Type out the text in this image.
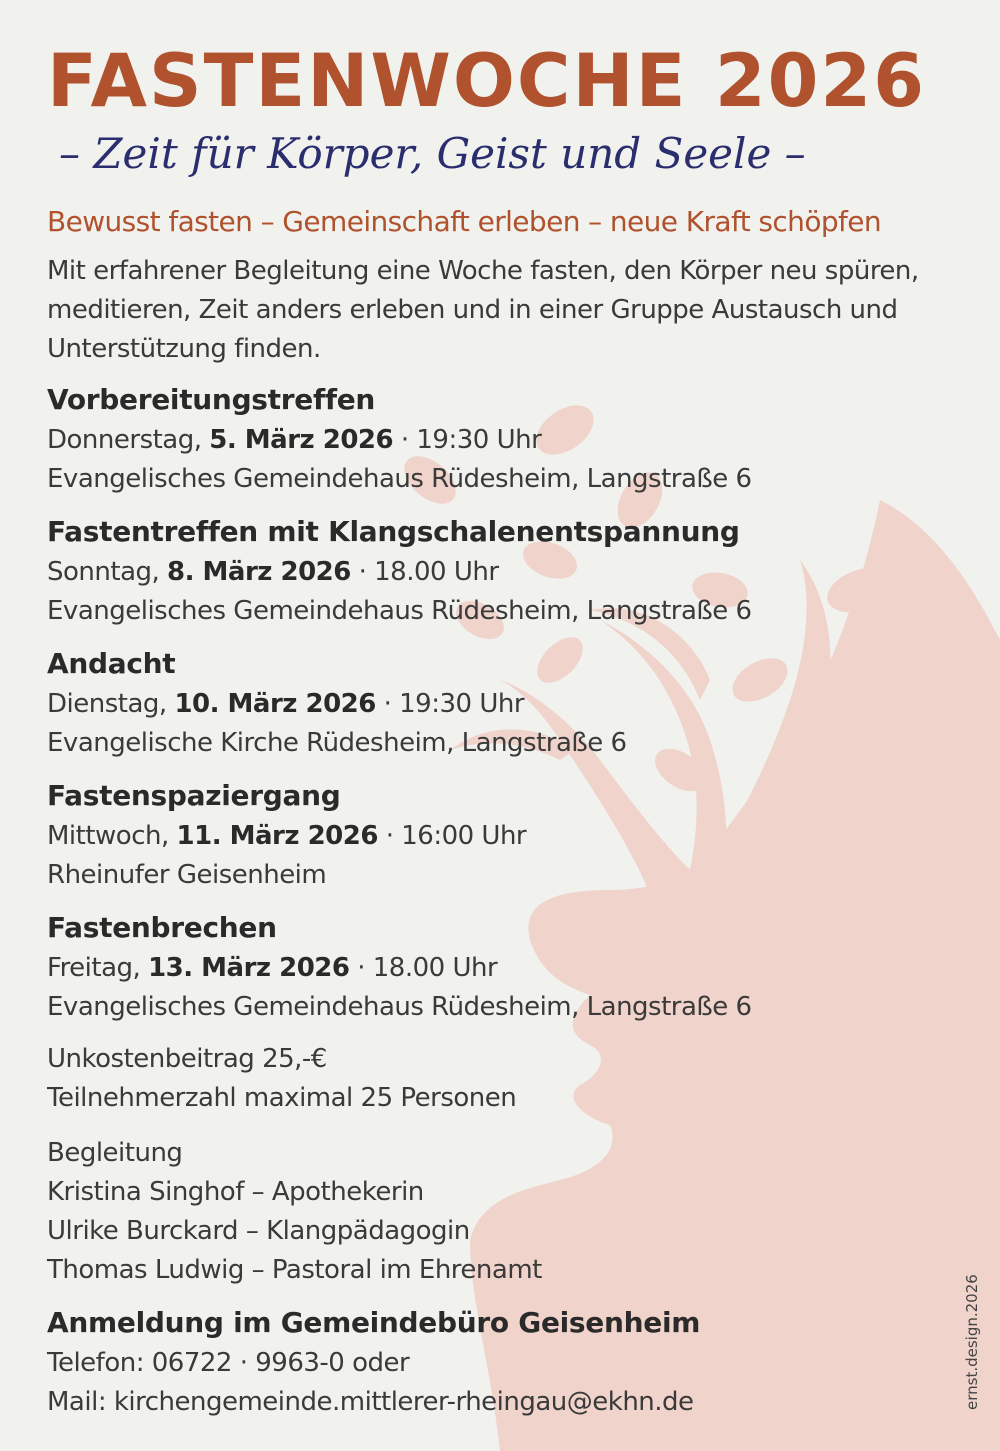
FASTENWOCHE 2026
– Zeit für Körper, Geist und Seele –
Bewusst fasten – Gemeinschaft erleben – neue Kraft schöpfen
Mit erfahrener Begleitung eine Woche fasten, den Körper neu spüren,
meditieren, Zeit anders erleben und in einer Gruppe Austausch und
Unterstützung finden.
Vorbereitungstreffen
Donnerstag, 5. März 2026 · 19:30 Uhr
Evangelisches Gemeindehaus Rüdesheim, Langstraße 6
Fastentreffen mit Klangschalenentspannung
Sonntag, 8. März 2026 · 18.00 Uhr
Evangelisches Gemeindehaus Rüdesheim, Langstraße 6
Andacht
Dienstag, 10. März 2026 · 19:30 Uhr
Evangelische Kirche Rüdesheim, Langstraße 6
Fastenspaziergang
Mittwoch, 11. März 2026 · 16:00 Uhr
Rheinufer Geisenheim
Fastenbrechen
Freitag, 13. März 2026 · 18.00 Uhr
Evangelisches Gemeindehaus Rüdesheim, Langstraße 6
Unkostenbeitrag 25,-€
Teilnehmerzahl maximal 25 Personen
Begleitung
Kristina Singhof – Apothekerin
Ulrike Burckard – Klangpädagogin
Thomas Ludwig – Pastoral im Ehrenamt
Anmeldung im Gemeindebüro Geisenheim
Telefon: 06722 · 9963-0 oder
Mail: kirchengemeinde.mittlerer-rheingau@ekhn.de	ernst.design.2026
